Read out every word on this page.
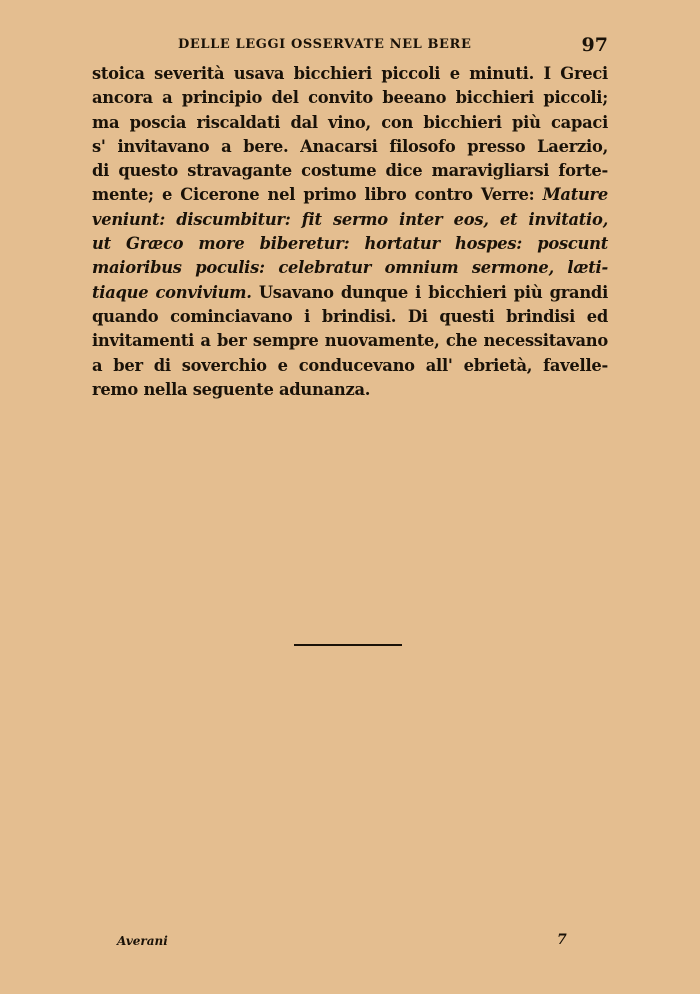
DELLE LEGGI OSSERVATE NEL BERE	97
stoica severità usava bicchieri piccoli e minuti. I Greci
ancora a principio del convito beeano bicchieri piccoli;
ma poscia riscaldati dal vino, con bicchieri più capaci
s' invitavano a bere. Anacarsi filosofo presso Laerzio,
di questo stravagante costume dice maravigliarsi forte-
mente; e Cicerone nel primo libro contro Verre: Mature
veniunt: discumbitur: fit sermo inter eos, et invitatio,
ut Græco more biberetur: hortatur hospes: poscunt
maioribus poculis: celebratur omnium sermone, læti-
tiaque convivium. Usavano dunque i bicchieri più grandi
quando cominciavano i brindisi. Di questi brindisi ed
invitamenti a ber sempre nuovamente, che necessitavano
a ber di soverchio e conducevano all' ebrietà, favelle-
remo nella seguente adunanza.
Averani	7
